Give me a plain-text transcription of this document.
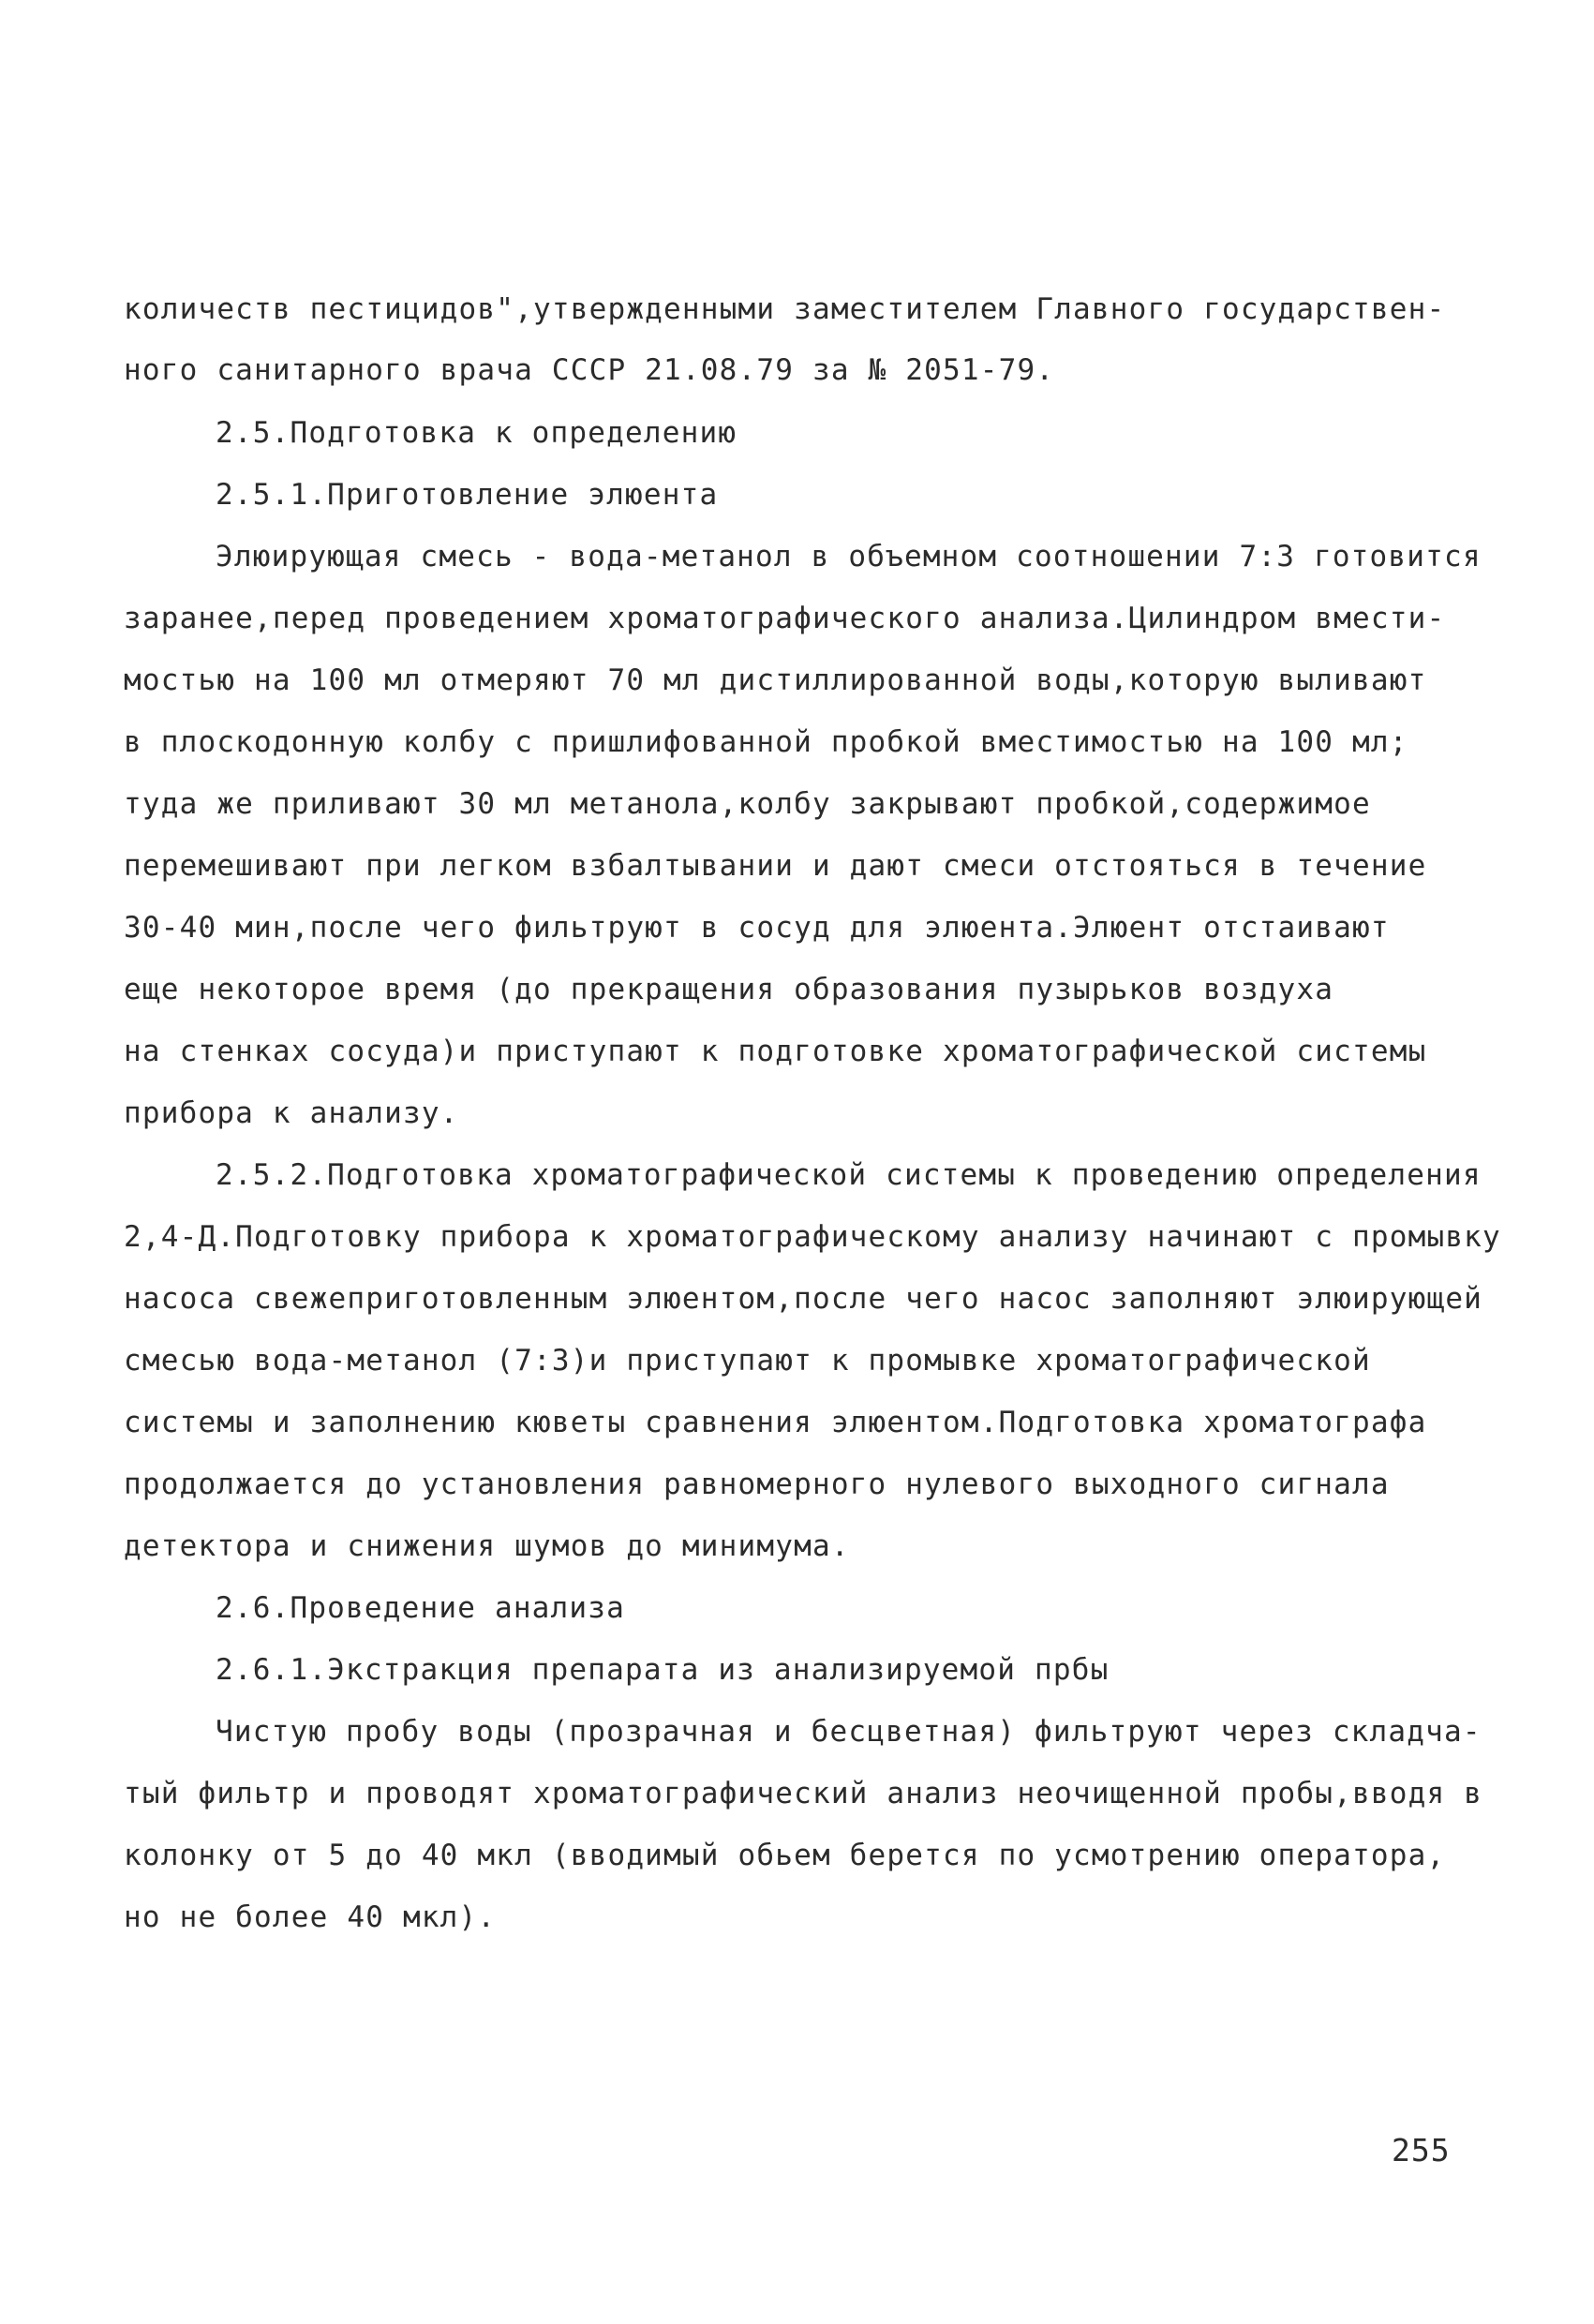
количеств пестицидов",утвержденными заместителем Главного государствен-
ного санитарного врача СССР 21.08.79 за № 2051-79.
2.5.Подготовка к определению
2.5.1.Приготовление элюента
Элюирующая смесь - вода-метанол в объемном соотношении 7:3 готовится
заранее,перед проведением хроматографического анализа.Цилиндром вмести-
мостью на 100 мл отмеряют 70 мл дистиллированной воды,которую выливают
в плоскодонную колбу с пришлифованной пробкой вместимостью на 100 мл;
туда же приливают 30 мл метанола,колбу закрывают пробкой,содержимое
перемешивают при легком взбалтывании и дают смеси отстояться в течение
30-40 мин,после чего фильтруют в сосуд для элюента.Элюент отстаивают
еще некоторое время (до прекращения образования пузырьков воздуха
на стенках сосуда)и приступают к подготовке хроматографической системы
прибора к анализу.
2.5.2.Подготовка хроматографической системы к проведению определения
2,4-Д.Подготовку прибора к хроматографическому анализу начинают с промывку
насоса свежеприготовленным элюентом,после чего насос заполняют элюирующей
смесью вода-метанол (7:3)и приступают к промывке хроматографической
системы и заполнению кюветы сравнения элюентом.Подготовка хроматографа
продолжается до установления равномерного нулевого выходного сигнала
детектора и снижения шумов до минимума.
2.6.Проведение анализа
2.6.1.Экстракция препарата из анализируемой прбы
Чистую пробу воды (прозрачная и бесцветная) фильтруют через складча-
тый фильтр и проводят хроматографический анализ неочищенной пробы,вводя в
колонку от 5 до 40 мкл (вводимый обьем берется по усмотрению оператора,
но не более 40 мкл).
255
